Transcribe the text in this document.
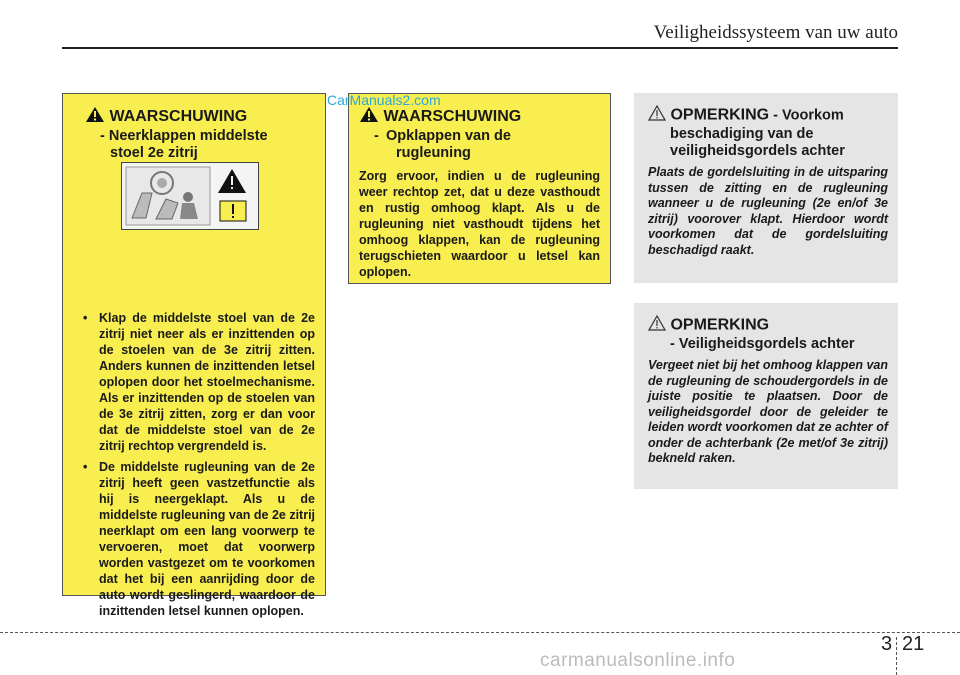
Veiligheidssysteem van uw auto
WAARSCHUWING
- Neerklappen middelste
stoel 2e zitrij
• Klap de middelste stoel van de 2e zitrij niet neer als er inzittenden op de stoelen van de 3e zitrij zitten. Anders kunnen de inzittenden letsel oplopen door het stoelmechanisme. Als er inzittenden op de stoelen van de 3e zitrij zitten, zorg er dan voor dat de middelste stoel van de 2e zitrij rechtop vergrendeld is.
• De middelste rugleuning van de 2e zitrij heeft geen vastzetfunctie als hij is neergeklapt. Als u de middelste rugleuning van de 2e zitrij neerklapt om een lang voorwerp te vervoeren, moet dat voorwerp worden vastgezet om te voorkomen dat het bij een aanrijding door de auto wordt geslingerd, waardoor de inzittenden letsel kunnen oplopen.
WAARSCHUWING
- Opklappen van de
rugleuning
Zorg ervoor, indien u de rugleuning weer rechtop zet, dat u deze vasthoudt en rustig omhoog klapt. Als u de rugleuning niet vasthoudt tijdens het omhoog klappen, kan de rugleuning terugschieten waardoor u letsel kan oplopen.
OPMERKING - Voorkom
beschadiging van de
veiligheidsgordels achter
Plaats de gordelsluiting in de uitsparing tussen de zitting en de rugleuning wanneer u de rugleuning (2e en/of 3e zitrij) voorover klapt. Hierdoor wordt voorkomen dat de gordelsluiting beschadigd raakt.
OPMERKING
- Veiligheidsgordels achter
Vergeet niet bij het omhoog klappen van de rugleuning de schoudergordels in de juiste positie te plaatsen. Door de veiligheidsgordel door de geleider te leiden wordt voorkomen dat ze achter of onder de achterbank (2e met/of 3e zitrij) bekneld raken.
CarManuals2.com
3 21
carmanualsonline.info
